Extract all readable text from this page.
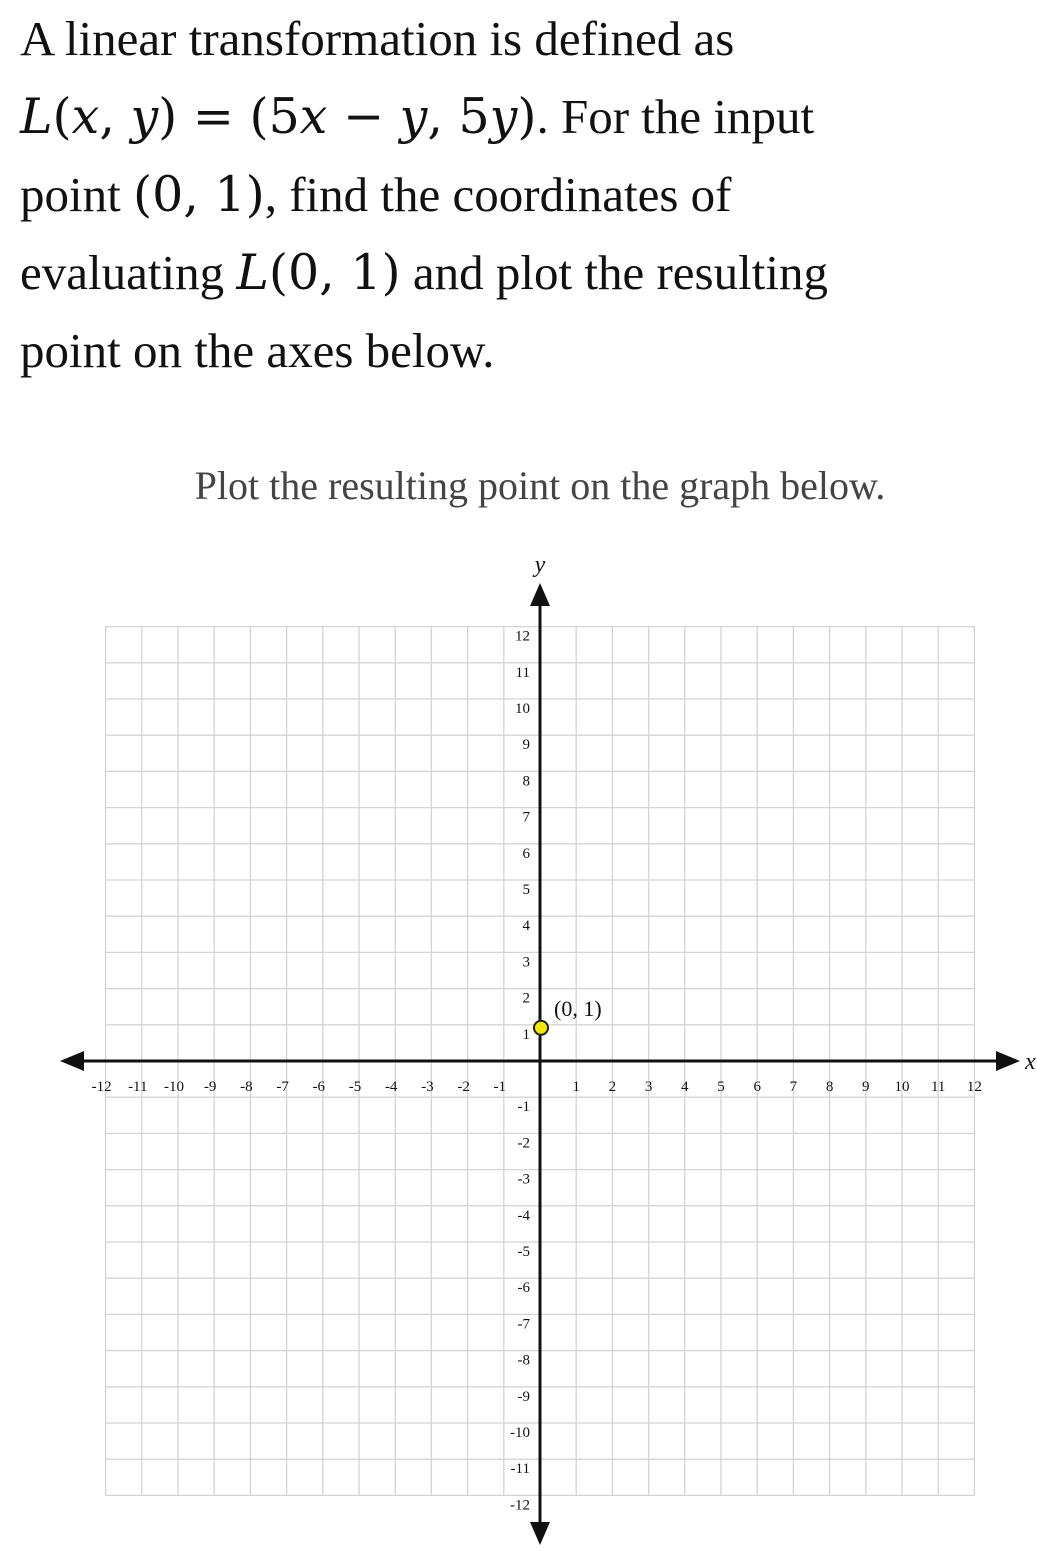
A linear transformation is defined as
L(x, y) = (5x − y, 5y). For the input
point (0, 1), find the coordinates of
evaluating L(0, 1) and plot the resulting
point on the axes below.
Plot the resulting point on the graph below.
-12 -11 -10 -9 -8 -7 -6 -5 -4 -3 -2 -1	1 2 3 4 5 6 7 8 9 10 11 12
12
11
10
9
8
7
6
5
4
3
2
1
-1
-2
-3
-4
-5
-6
-7
-8
-9
-10
-11
-12
x
y
(0, 1)
